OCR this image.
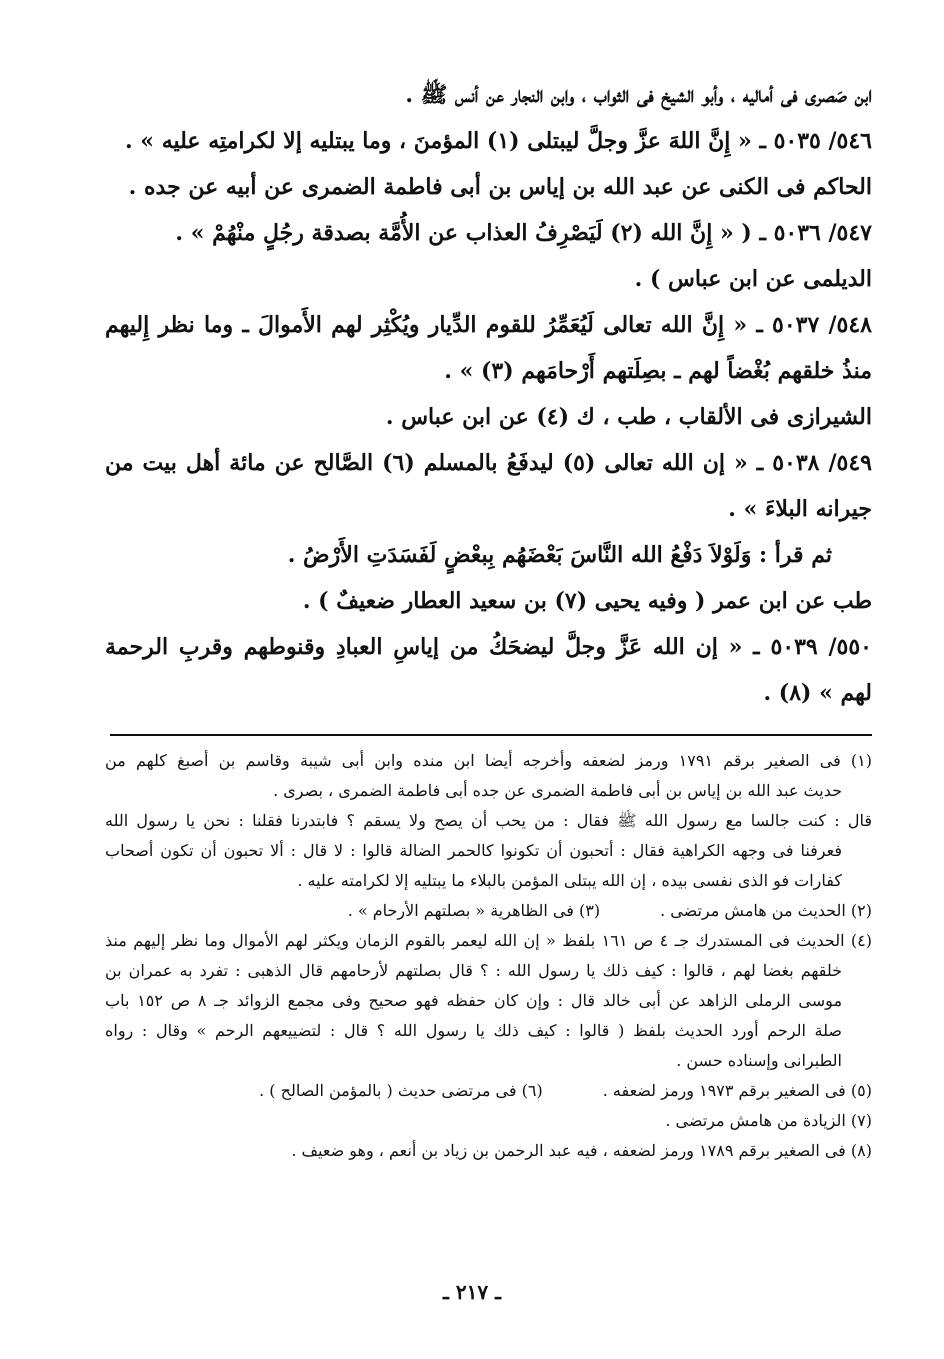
ابن صَصرى فى أماليه ، وأبو الشيخ فى الثواب ، وابن النجار عن أنس ﷺ .
٥٤٦/ ٥٠٣٥ ـ « إِنَّ اللهَ عزَّ وجلَّ ليبتلى (١) المؤمنَ ، وما يبتليه إلا لكرامتِه عليه » .
الحاكم فى الكنى عن عبد الله بن إياس بن أبى فاطمة الضمرى عن أبيه عن جده .
٥٤٧/ ٥٠٣٦ ـ ( « إِنَّ الله (٢) لَيَصْرِفُ العذاب عن الأُمَّة بصدقة رجُلٍ منْهُمْ » .
الديلمى عن ابن عباس ) .
٥٤٨/ ٥٠٣٧ ـ « إِنَّ الله تعالى لَيُعَمِّرُ للقوم الدِّيار ويُكْثِر لهم الأَموالَ ـ وما نظر إِليهم
منذُ خلقهم بُغْضاً لهم ـ بصِلَتهم أَرْحامَهم (٣) » .
الشيرازى فى الألقاب ، طب ، ك (٤) عن ابن عباس .
٥٤٩/ ٥٠٣٨ ـ « إن الله تعالى (٥) ليدفَعُ بالمسلم (٦) الصَّالح عن مائة أهل بيت من
جيرانه البلاءَ » .
ثم قرأ : وَلَوْلاَ دَفْعُ الله النَّاسَ بَعْضَهُم بِبعْضٍ لَفَسَدَتِ الأَرْضُ .
طب عن ابن عمر ( وفيه يحيى (٧) بن سعيد العطار ضعيفٌ ) .
٥٥٠/ ٥٠٣٩ ـ « إن الله عَزَّ وجلَّ ليضحَكُ من إياسِ العبادِ وقنوطهم وقربِ الرحمة
لهم » (٨) .
(١) فى الصغير برقم ١٧٩١ ورمز لضعفه وأخرجه أيضا ابن منده وابن أبى شيبة وقاسم بن أصبغ كلهم من
حديث عبد الله بن إياس بن أبى فاطمة الضمرى عن جده أبى فاطمة الضمرى ، بصرى .
قال : كنت جالسا مع رسول الله ﷺ فقال : من يحب أن يصح ولا يسقم ؟ فابتدرنا فقلنا : نحن يا رسول الله
فعرفنا فى وجهه الكراهية فقال : أتحبون أن تكونوا كالحمر الضالة قالوا : لا قال : ألا تحبون أن تكون أصحاب
كفارات فو الذى نفسى بيده ، إن الله يبتلى المؤمن بالبلاء ما يبتليه إلا لكرامته عليه .
(٢) الحديث من هامش مرتضى .
(٣) فى الظاهرية « بصلتهم الأرحام » .
(٤) الحديث فى المستدرك جـ ٤ ص ١٦١ بلفظ « إن الله ليعمر بالقوم الزمان ويكثر لهم الأموال وما نظر إليهم منذ
خلقهم بغضا لهم ، قالوا : كيف ذلك يا رسول الله : ؟ قال بصلتهم لأرحامهم قال الذهبى : تفرد به عمران بن
موسى الرملى الزاهد عن أبى خالد قال : وإن كان حفظه فهو صحيح وفى مجمع الزوائد جـ ٨ ص ١٥٢ باب
صلة الرحم أورد الحديث بلفظ ( قالوا : كيف ذلك يا رسول الله ؟ قال : لتضييعهم الرحم » وقال : رواه
الطبرانى وإسناده حسن .
(٥) فى الصغير برقم ١٩٧٣ ورمز لضعفه .
(٦) فى مرتضى حديث ( بالمؤمن الصالح ) .
(٧) الزيادة من هامش مرتضى .
(٨) فى الصغير برقم ١٧٨٩ ورمز لضعفه ، فيه عبد الرحمن بن زياد بن أنعم ، وهو ضعيف .
ـ ٢١٧ ـ
